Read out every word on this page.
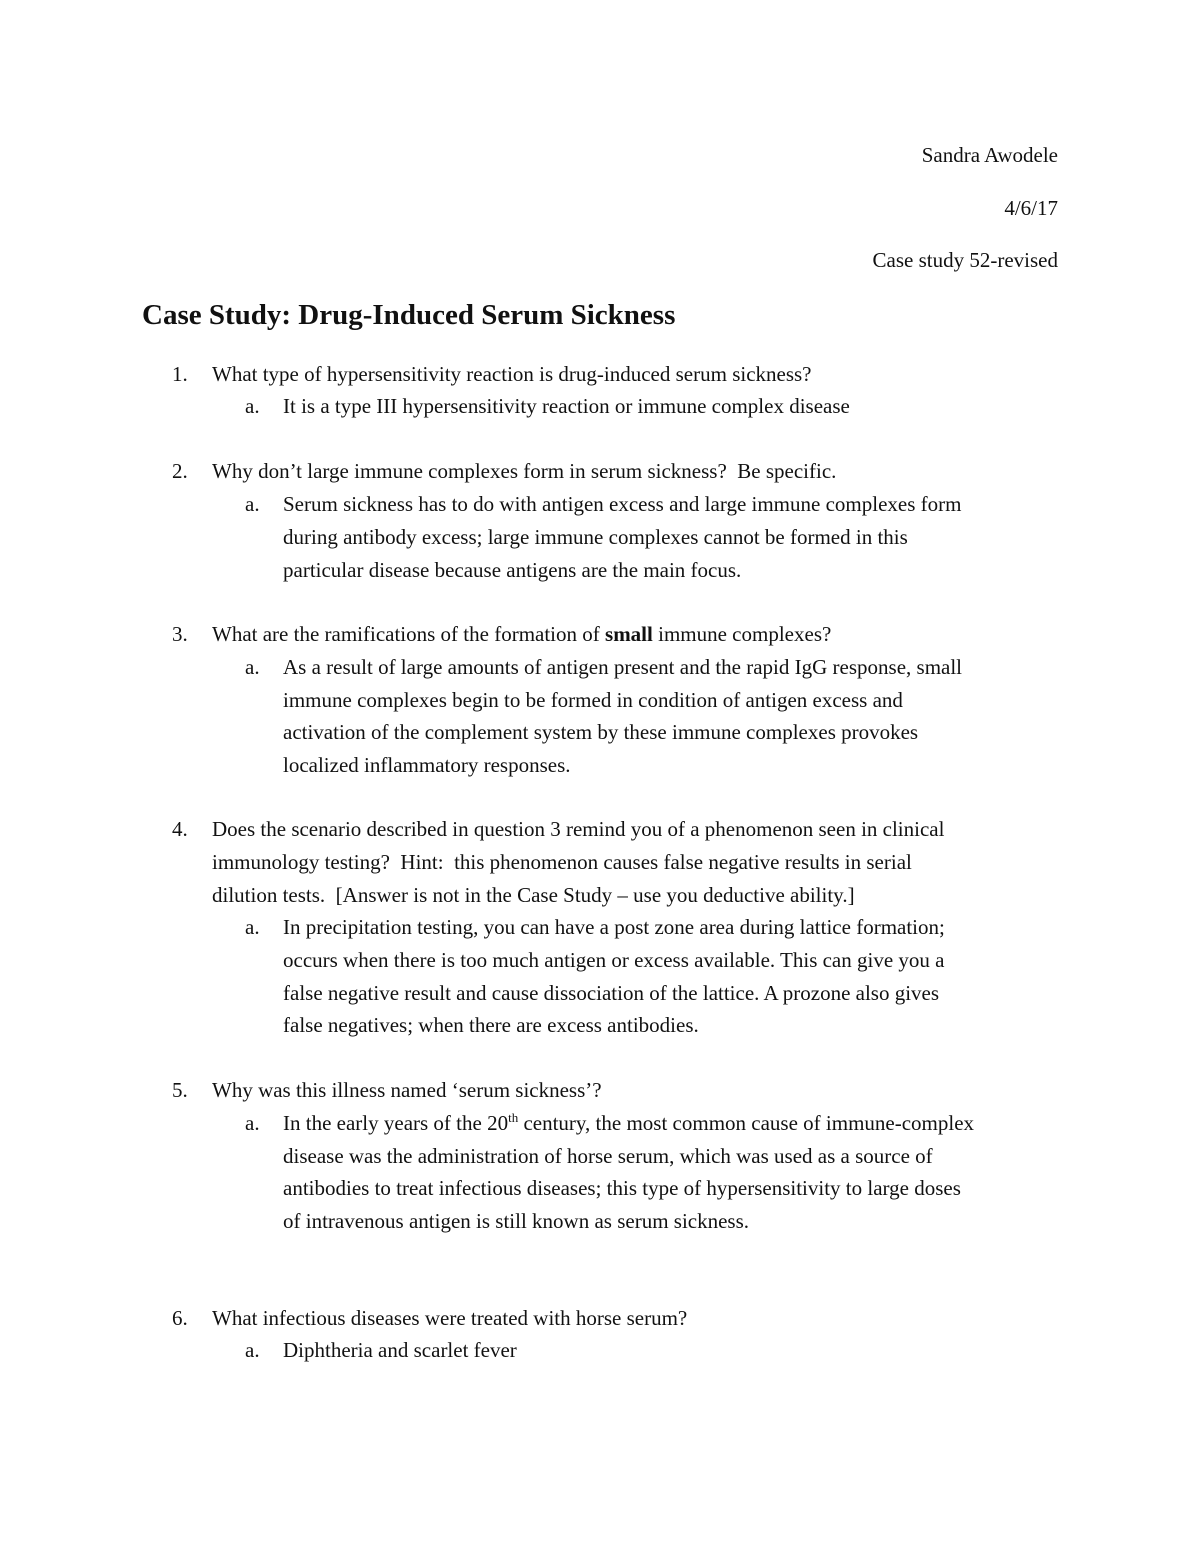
Sandra Awodele
4/6/17
Case study 52-revised
Case Study: Drug-Induced Serum Sickness
1. What type of hypersensitivity reaction is drug-induced serum sickness?
a. It is a type III hypersensitivity reaction or immune complex disease
2. Why don’t large immune complexes form in serum sickness?  Be specific.
a. Serum sickness has to do with antigen excess and large immune complexes form
during antibody excess; large immune complexes cannot be formed in this
particular disease because antigens are the main focus.
3. What are the ramifications of the formation of small immune complexes?
a. As a result of large amounts of antigen present and the rapid IgG response, small
immune complexes begin to be formed in condition of antigen excess and
activation of the complement system by these immune complexes provokes
localized inflammatory responses.
4. Does the scenario described in question 3 remind you of a phenomenon seen in clinical
immunology testing?  Hint:  this phenomenon causes false negative results in serial
dilution tests.  [Answer is not in the Case Study – use you deductive ability.]
a. In precipitation testing, you can have a post zone area during lattice formation;
occurs when there is too much antigen or excess available. This can give you a
false negative result and cause dissociation of the lattice. A prozone also gives
false negatives; when there are excess antibodies.
5. Why was this illness named ‘serum sickness’?
a. In the early years of the 20th century, the most common cause of immune-complex
disease was the administration of horse serum, which was used as a source of
antibodies to treat infectious diseases; this type of hypersensitivity to large doses
of intravenous antigen is still known as serum sickness.
6. What infectious diseases were treated with horse serum?
a. Diphtheria and scarlet fever
